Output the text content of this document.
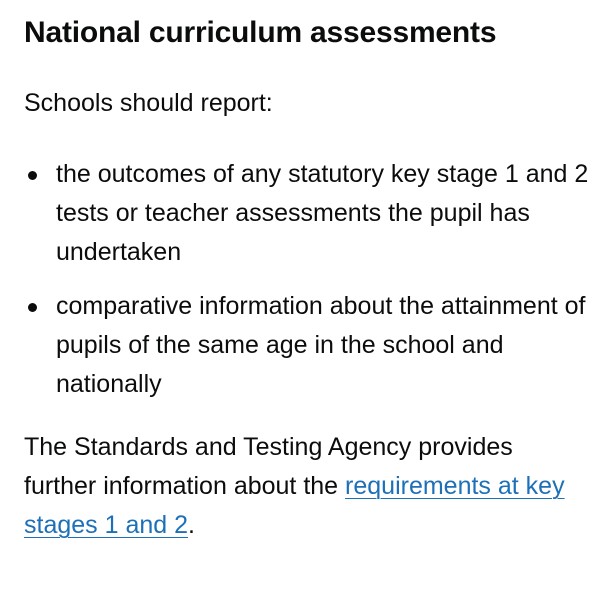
National curriculum assessments

Schools should report:

the outcomes of any statutory key stage 1 and 2 tests or teacher assessments the pupil has undertaken
comparative information about the attainment of pupils of the same age in the school and nationally

The Standards and Testing Agency provides further information about the requirements at key stages 1 and 2.
